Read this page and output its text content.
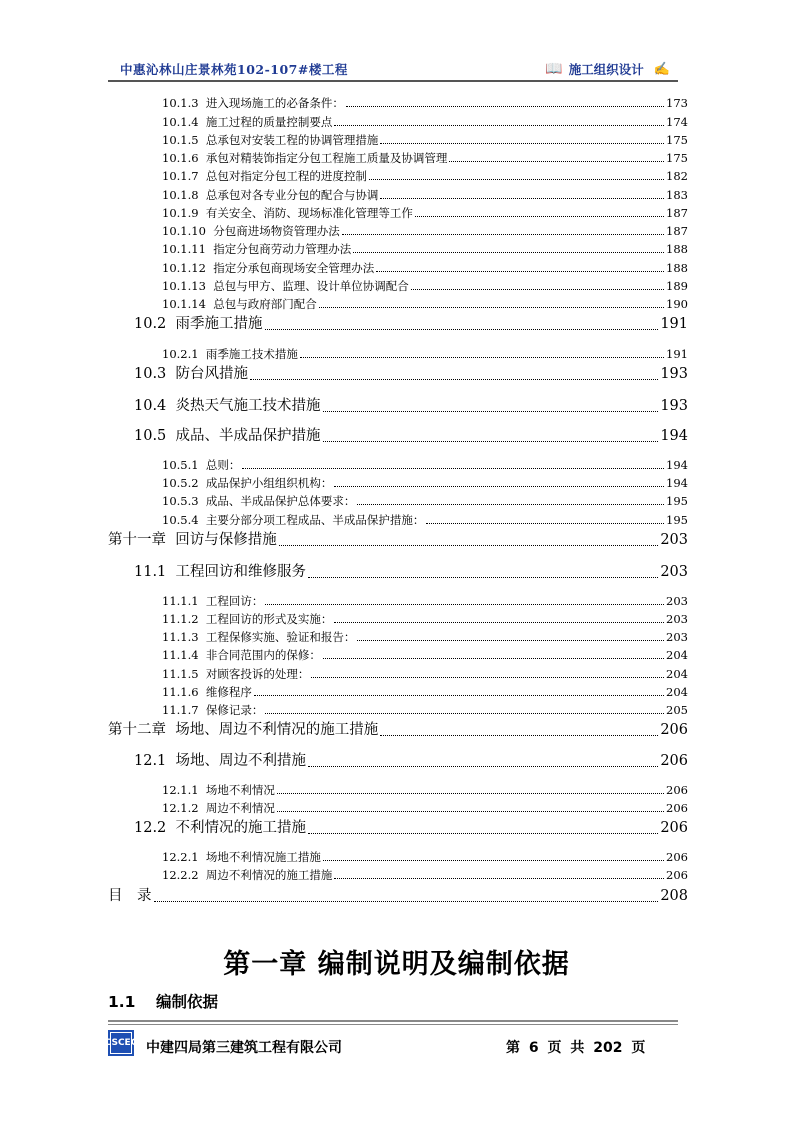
中惠沁林山庄景林苑102-107#楼工程	📖 施工组织设计 ✍
10.1.3 进入现场施工的必备条件：	173
10.1.4 施工过程的质量控制要点	174
10.1.5 总承包对安装工程的协调管理措施	175
10.1.6 承包对精装饰指定分包工程施工质量及协调管理	175
10.1.7 总包对指定分包工程的进度控制	182
10.1.8 总承包对各专业分包的配合与协调	183
10.1.9 有关安全、消防、现场标准化管理等工作	187
10.1.10 分包商进场物资管理办法	187
10.1.11 指定分包商劳动力管理办法	188
10.1.12 指定分承包商现场安全管理办法	188
10.1.13 总包与甲方、监理、设计单位协调配合	189
10.1.14 总包与政府部门配合	190
10.2 雨季施工措施	191
10.2.1 雨季施工技术措施	191
10.3 防台风措施	193
10.4 炎热天气施工技术措施	193
10.5 成品、半成品保护措施	194
10.5.1 总则：	194
10.5.2 成品保护小组组织机构：	194
10.5.3 成品、半成品保护总体要求：	195
10.5.4 主要分部分项工程成品、半成品保护措施：	195
第十一章 回访与保修措施	203
11.1 工程回访和维修服务	203
11.1.1 工程回访：	203
11.1.2 工程回访的形式及实施：	203
11.1.3 工程保修实施、验证和报告：	203
11.1.4 非合同范围内的保修：	204
11.1.5 对顾客投诉的处理：	204
11.1.6 维修程序	204
11.1.7 保修记录：	205
第十二章 场地、周边不利情况的施工措施	206
12.1 场地、周边不利措施	206
12.1.1 场地不利情况	206
12.1.2 周边不利情况	206
12.2 不利情况的施工措施	206
12.2.1 场地不利情况施工措施	206
12.2.2 周边不利情况的施工措施	206
目  录	208
第一章 编制说明及编制依据
1.1 编制依据
CSCEC 中建四局第三建筑工程有限公司	第 6 页 共 202 页
